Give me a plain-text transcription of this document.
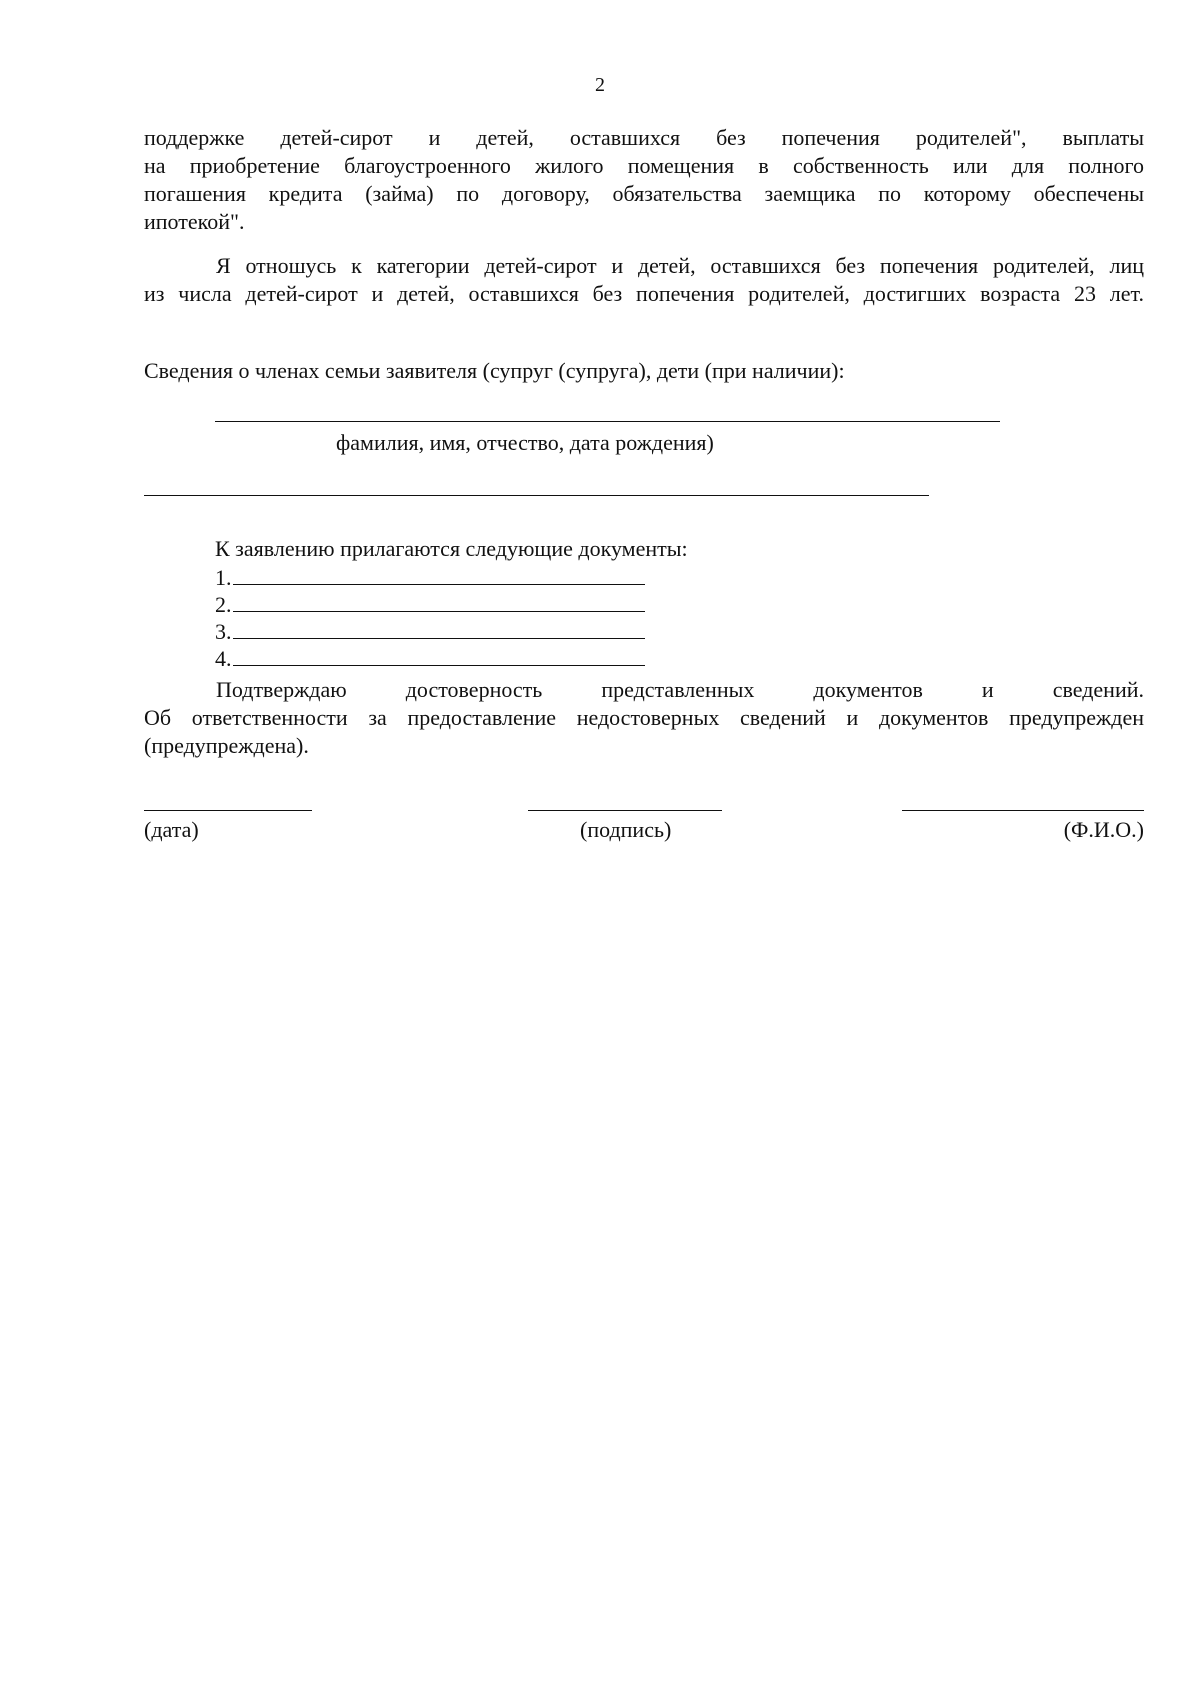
2
поддержке детей-сирот и детей, оставшихся без попечения родителей", выплаты
на приобретение благоустроенного жилого помещения в собственность или для полного
погашения кредита (займа) по договору, обязательства заемщика по которому обеспечены
ипотекой".
Я отношусь к категории детей-сирот и детей, оставшихся без попечения родителей, лиц
из числа детей-сирот и детей, оставшихся без попечения родителей, достигших возраста 23 лет.
Сведения о членах семьи заявителя (супруг (супруга), дети (при наличии):
фамилия, имя, отчество, дата рождения)
К заявлению прилагаются следующие документы:
1.
2.
3.
4.
Подтверждаю достоверность представленных документов и сведений.
Об ответственности за предоставление недостоверных сведений и документов предупрежден
(предупреждена).
(дата)	(подпись)	(Ф.И.О.)
